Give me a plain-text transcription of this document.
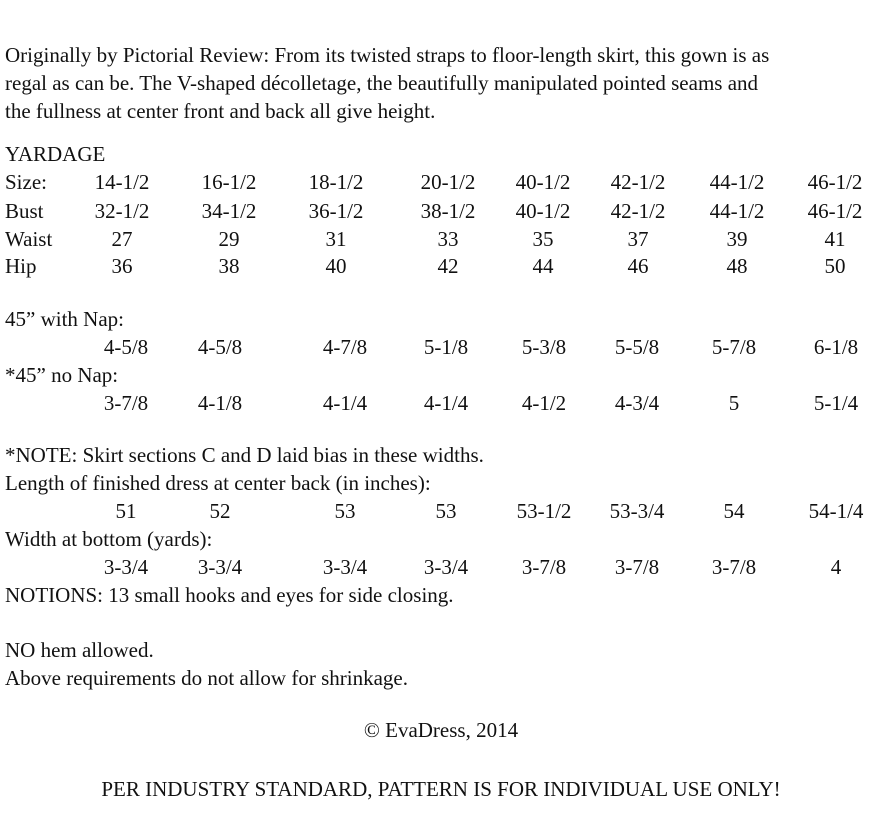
Originally by Pictorial Review: From its twisted straps to floor-length skirt, this gown is as
regal as can be. The V-shaped décolletage, the beautifully manipulated pointed seams and
the fullness at center front and back all give height.
YARDAGE
Size:	14-1/2	16-1/2	18-1/2	20-1/2	40-1/2	42-1/2	44-1/2	46-1/2
Bust	32-1/2	34-1/2	36-1/2	38-1/2	40-1/2	42-1/2	44-1/2	46-1/2
Waist	27	29	31	33	35	37	39	41
Hip	36	38	40	42	44	46	48	50
45” with Nap:
4-5/8	4-5/8	4-7/8	5-1/8	5-3/8	5-5/8	5-7/8	6-1/8
*45” no Nap:
3-7/8	4-1/8	4-1/4	4-1/4	4-1/2	4-3/4	5	5-1/4
*NOTE: Skirt sections C and D laid bias in these widths.
Length of finished dress at center back (in inches):
51	52	53	53	53-1/2	53-3/4	54	54-1/4
Width at bottom (yards):
3-3/4	3-3/4	3-3/4	3-3/4	3-7/8	3-7/8	3-7/8	4
NOTIONS: 13 small hooks and eyes for side closing.
NO hem allowed.
Above requirements do not allow for shrinkage.
© EvaDress, 2014
PER INDUSTRY STANDARD, PATTERN IS FOR INDIVIDUAL USE ONLY!
